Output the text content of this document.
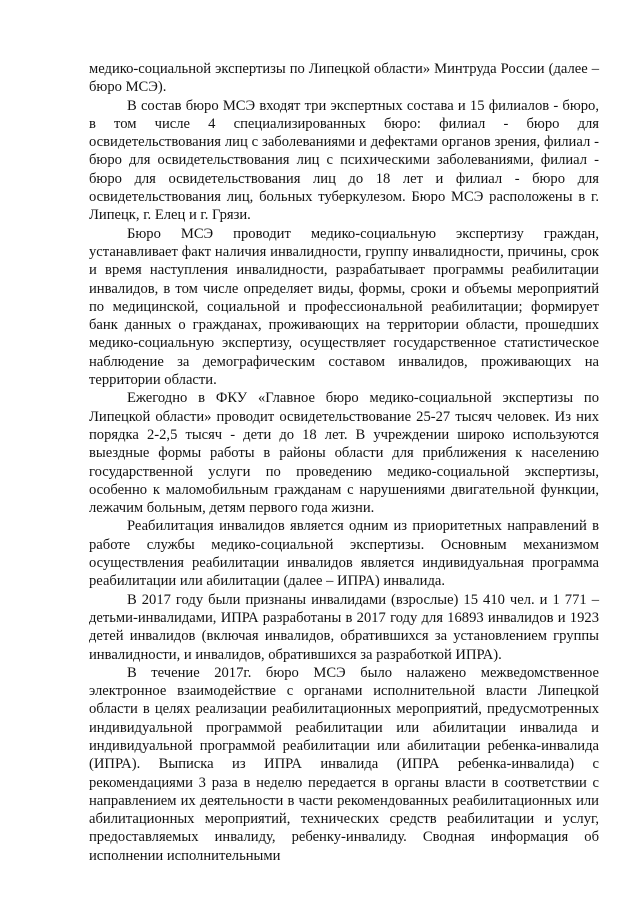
медико-социальной экспертизы по Липецкой области» Минтруда России (далее – бюро МСЭ).

В состав бюро МСЭ входят три экспертных состава и 15 филиалов - бюро, в том числе 4 специализированных бюро: филиал - бюро для освидетельствования лиц с заболеваниями и дефектами органов зрения, филиал - бюро для освидетельствования лиц с психическими заболеваниями, филиал - бюро для освидетельствования лиц до 18 лет и филиал - бюро для освидетельствования лиц, больных туберкулезом. Бюро МСЭ расположены в г. Липецк, г. Елец и г. Грязи.

Бюро МСЭ проводит медико-социальную экспертизу граждан, устанавливает факт наличия инвалидности, группу инвалидности, причины, срок и время наступления инвалидности, разрабатывает программы реабилитации инвалидов, в том числе определяет виды, формы, сроки и объемы мероприятий по медицинской, социальной и профессиональной реабилитации; формирует банк данных о гражданах, проживающих на территории области, прошедших медико-социальную экспертизу, осуществляет государственное статистическое наблюдение за демографическим составом инвалидов, проживающих на территории области.

Ежегодно в ФКУ «Главное бюро медико-социальной экспертизы по Липецкой области» проводит освидетельствование 25-27 тысяч человек. Из них порядка 2-2,5 тысяч - дети до 18 лет. В учреждении широко используются выездные формы работы в районы области для приближения к населению государственной услуги по проведению медико-социальной экспертизы, особенно к маломобильным гражданам с нарушениями двигательной функции, лежачим больным, детям первого года жизни.

Реабилитация инвалидов является одним из приоритетных направлений в работе службы медико-социальной экспертизы. Основным механизмом осуществления реабилитации инвалидов является индивидуальная программа реабилитации или абилитации (далее – ИПРА) инвалида.

В 2017 году были признаны инвалидами (взрослые) 15 410 чел. и 1 771 – детьми-инвалидами, ИПРА разработаны в 2017 году для 16893 инвалидов и 1923 детей инвалидов (включая инвалидов, обратившихся за установлением группы инвалидности, и инвалидов, обратившихся за разработкой ИПРА).

В течение 2017г. бюро МСЭ было налажено межведомственное электронное взаимодействие с органами исполнительной власти Липецкой области в целях реализации реабилитационных мероприятий, предусмотренных индивидуальной программой реабилитации или абилитации инвалида и индивидуальной программой реабилитации или абилитации ребенка-инвалида (ИПРА). Выписка из ИПРА инвалида (ИПРА ребенка-инвалида) с рекомендациями 3 раза в неделю передается в органы власти в соответствии с направлением их деятельности в части рекомендованных реабилитационных или абилитационных мероприятий, технических средств реабилитации и услуг, предоставляемых инвалиду, ребенку-инвалиду. Сводная информация об исполнении исполнительными
